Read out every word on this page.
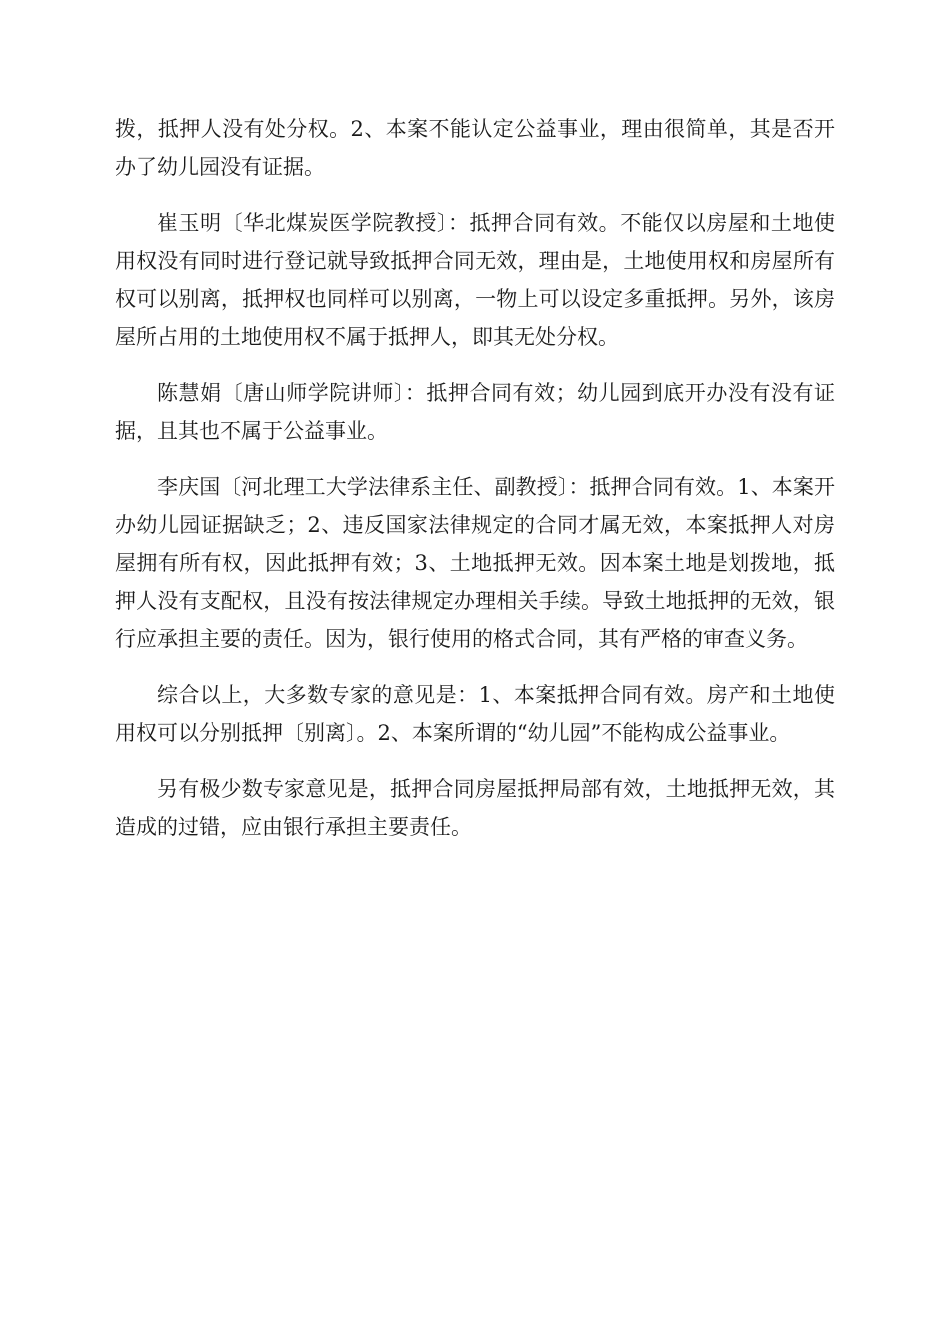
拨，抵押人没有处分权。2、本案不能认定公益事业，理由很简单，其是否开办了幼儿园没有证据。

崔玉明〔华北煤炭医学院教授〕：抵押合同有效。不能仅以房屋和土地使用权没有同时进行登记就导致抵押合同无效，理由是，土地使用权和房屋所有权可以别离，抵押权也同样可以别离，一物上可以设定多重抵押。另外，该房屋所占用的土地使用权不属于抵押人，即其无处分权。

陈慧娟〔唐山师学院讲师〕：抵押合同有效；幼儿园到底开办没有没有证据，且其也不属于公益事业。

李庆国〔河北理工大学法律系主任、副教授〕：抵押合同有效。1、本案开办幼儿园证据缺乏；2、违反国家法律规定的合同才属无效，本案抵押人对房屋拥有所有权，因此抵押有效；3、土地抵押无效。因本案土地是划拨地，抵押人没有支配权，且没有按法律规定办理相关手续。导致土地抵押的无效，银行应承担主要的责任。因为，银行使用的格式合同，其有严格的审查义务。

综合以上，大多数专家的意见是：1、本案抵押合同有效。房产和土地使用权可以分别抵押〔别离〕。2、本案所谓的“幼儿园”不能构成公益事业。

另有极少数专家意见是，抵押合同房屋抵押局部有效，土地抵押无效，其造成的过错，应由银行承担主要责任。
